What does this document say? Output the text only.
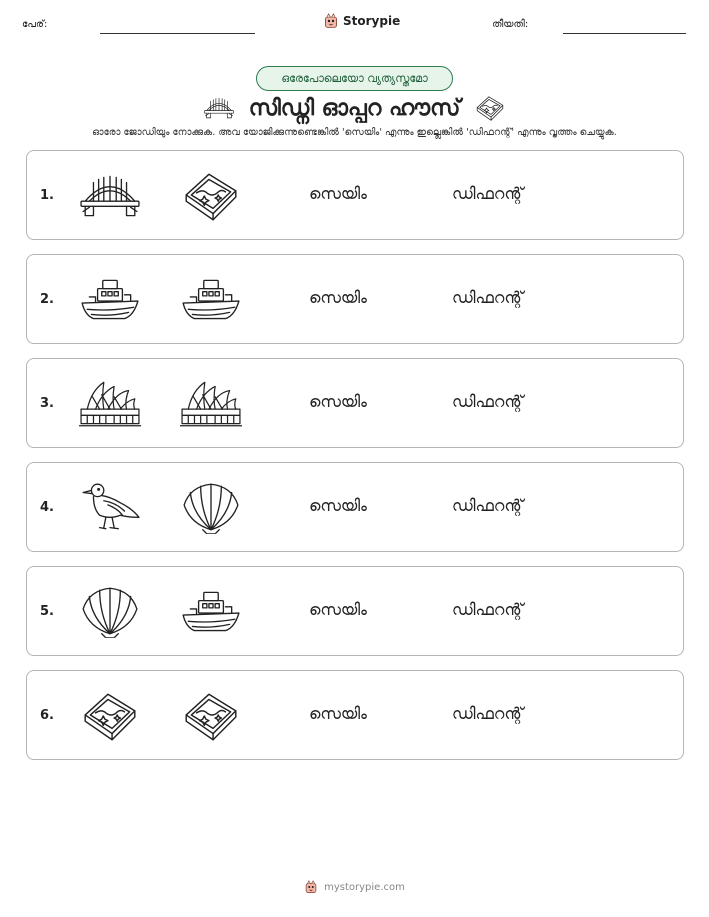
പേര്:	Storypie	തീയതി:
ഒരേപോലെയോ വ്യത്യസ്തമോ
സിഡ്നി ഓപ്പറ ഹൗസ്
ഓരോ ജോഡിയും നോക്കുക. അവ യോജിക്കുന്നുണ്ടെങ്കിൽ 'സെയിം' എന്നും ഇല്ലെങ്കിൽ 'ഡിഫറന്റ്' എന്നും വൃത്തം ചെയ്യുക.
1.	സെയിം	ഡിഫറന്റ്
2.	സെയിം	ഡിഫറന്റ്
3.	സെയിം	ഡിഫറന്റ്
4.	സെയിം	ഡിഫറന്റ്
5.	സെയിം	ഡിഫറന്റ്
6.	സെയിം	ഡിഫറന്റ്
mystorypie.com
